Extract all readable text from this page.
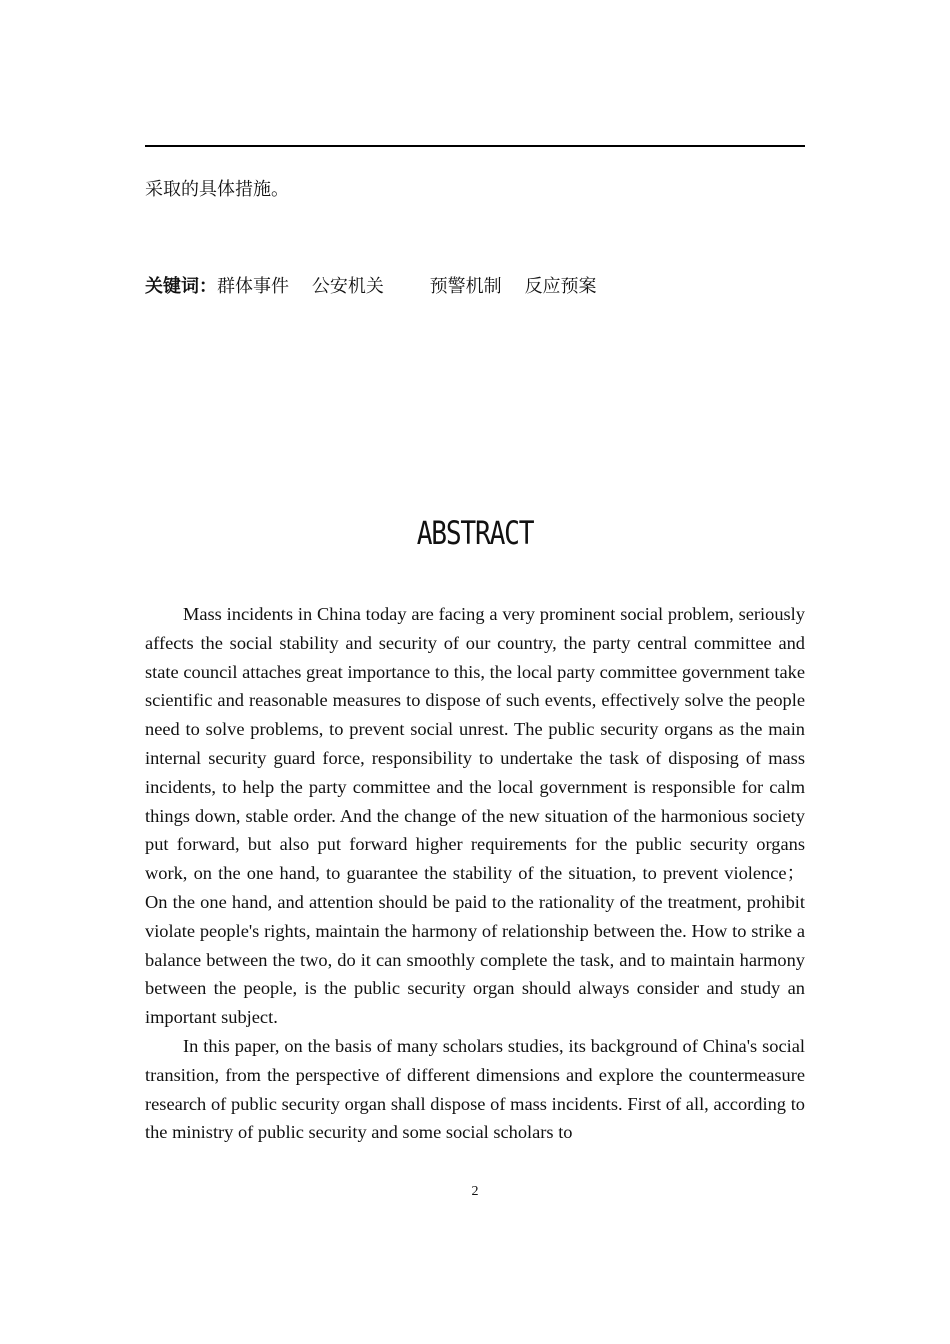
采取的具体措施。
关键词：群体事件 公安机关	预警机制 反应预案
ABSTRACT

Mass incidents in China today are facing a very prominent social problem, seriously affects the social stability and security of our country, the party central committee and state council attaches great importance to this, the local party committee government take scientific and reasonable measures to dispose of such events, effectively solve the people need to solve problems, to prevent social unrest. The public security organs as the main internal security guard force, responsibility to undertake the task of disposing of mass incidents, to help the party committee and the local government is responsible for calm things down, stable order. And the change of the new situation of the harmonious society put forward, but also put forward higher requirements for the public security organs work, on the one hand, to guarantee the stability of the situation, to prevent violence； On the one hand, and attention should be paid to the rationality of the treatment, prohibit violate people's rights, maintain the harmony of relationship between the. How to strike a balance between the two, do it can smoothly complete the task, and to maintain harmony between the people, is the public security organ should always consider and study an important subject.

In this paper, on the basis of many scholars studies, its background of China's social transition, from the perspective of different dimensions and explore the countermeasure research of public security organ shall dispose of mass incidents. First of all, according to the ministry of public security and some social scholars to

2
